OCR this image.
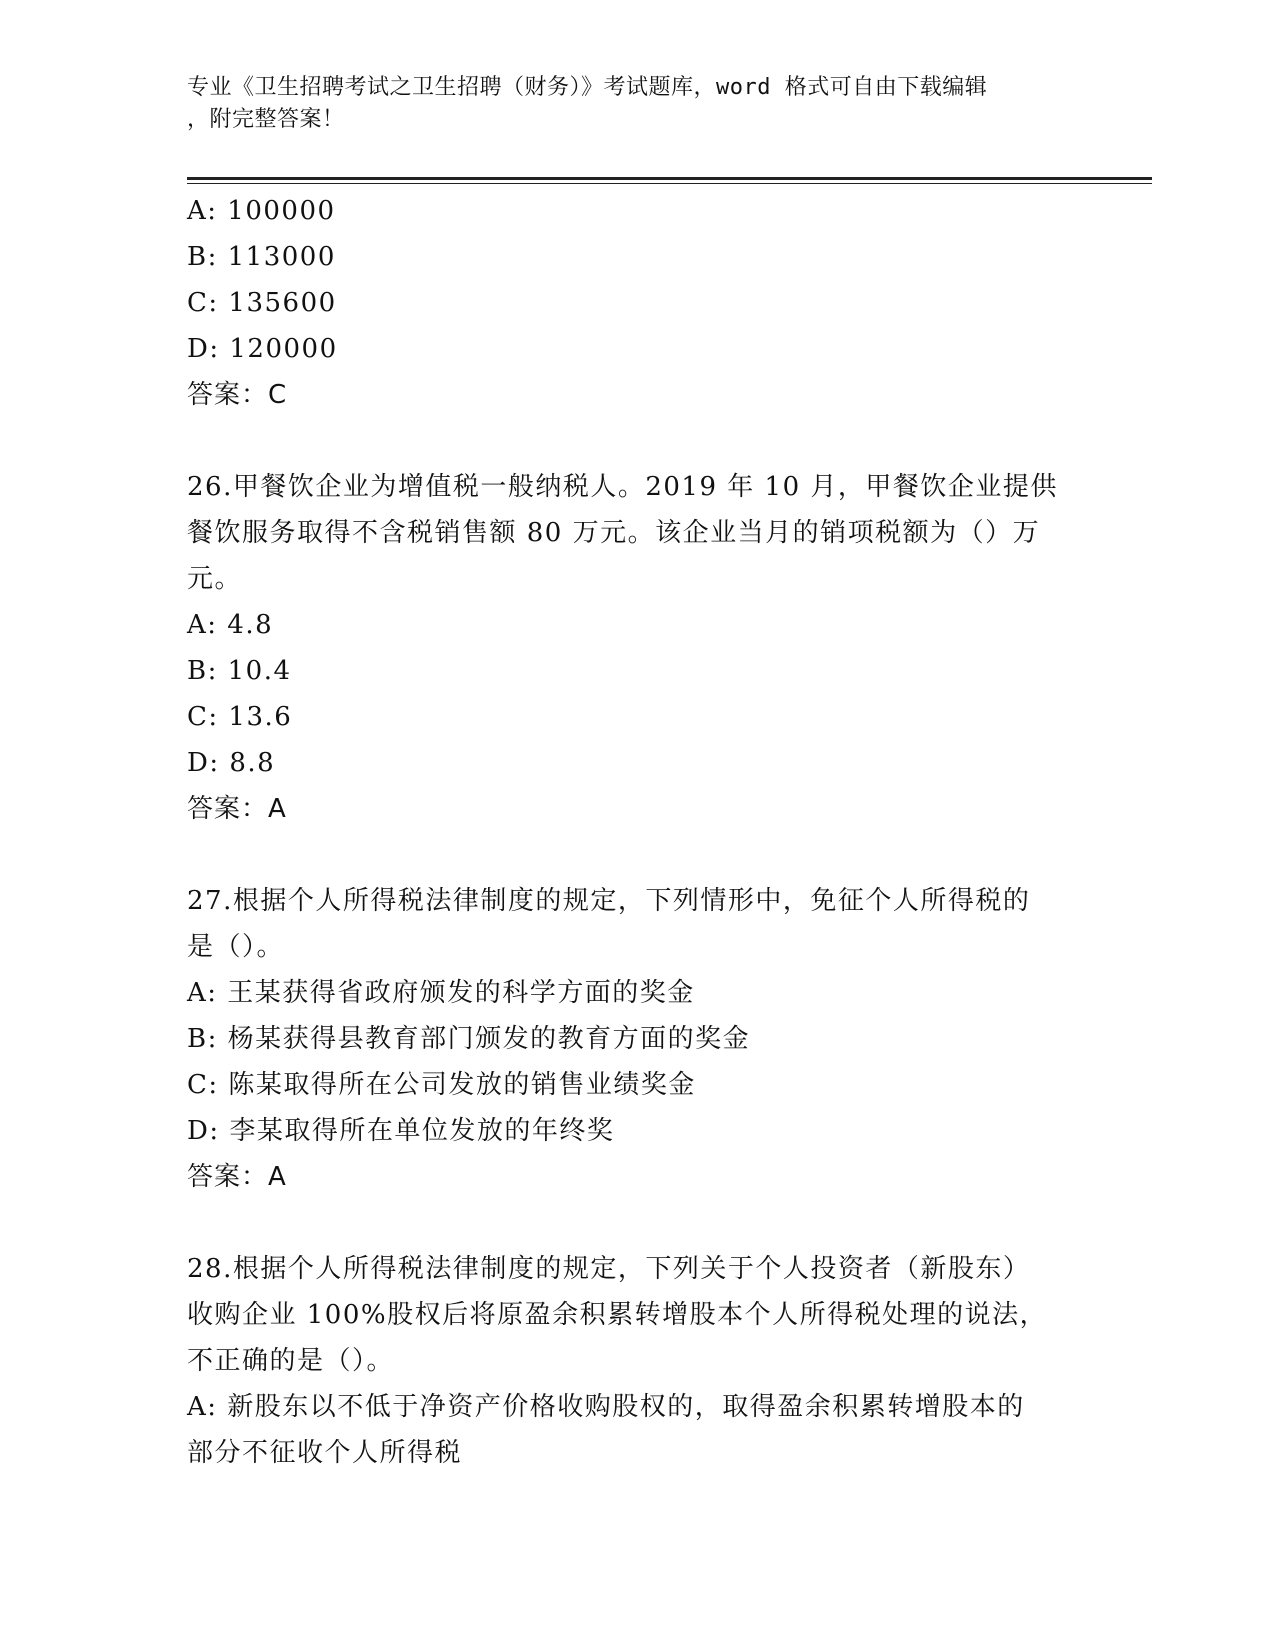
专业《卫生招聘考试之卫生招聘（财务）》考试题库，word 格式可自由下载编辑
，附完整答案！
A: 100000
B: 113000
C: 135600
D: 120000
答案：C
26.甲餐饮企业为增值税一般纳税人。2019 年 10 月，甲餐饮企业提供
餐饮服务取得不含税销售额 80 万元。该企业当月的销项税额为（）万
元。
A: 4.8
B: 10.4
C: 13.6
D: 8.8
答案：A
27.根据个人所得税法律制度的规定，下列情形中，免征个人所得税的
是（）。
A: 王某获得省政府颁发的科学方面的奖金
B: 杨某获得县教育部门颁发的教育方面的奖金
C: 陈某取得所在公司发放的销售业绩奖金
D: 李某取得所在单位发放的年终奖
答案：A
28.根据个人所得税法律制度的规定，下列关于个人投资者（新股东）
收购企业 100%股权后将原盈余积累转增股本个人所得税处理的说法，
不正确的是（）。
A: 新股东以不低于净资产价格收购股权的，取得盈余积累转增股本的
部分不征收个人所得税
